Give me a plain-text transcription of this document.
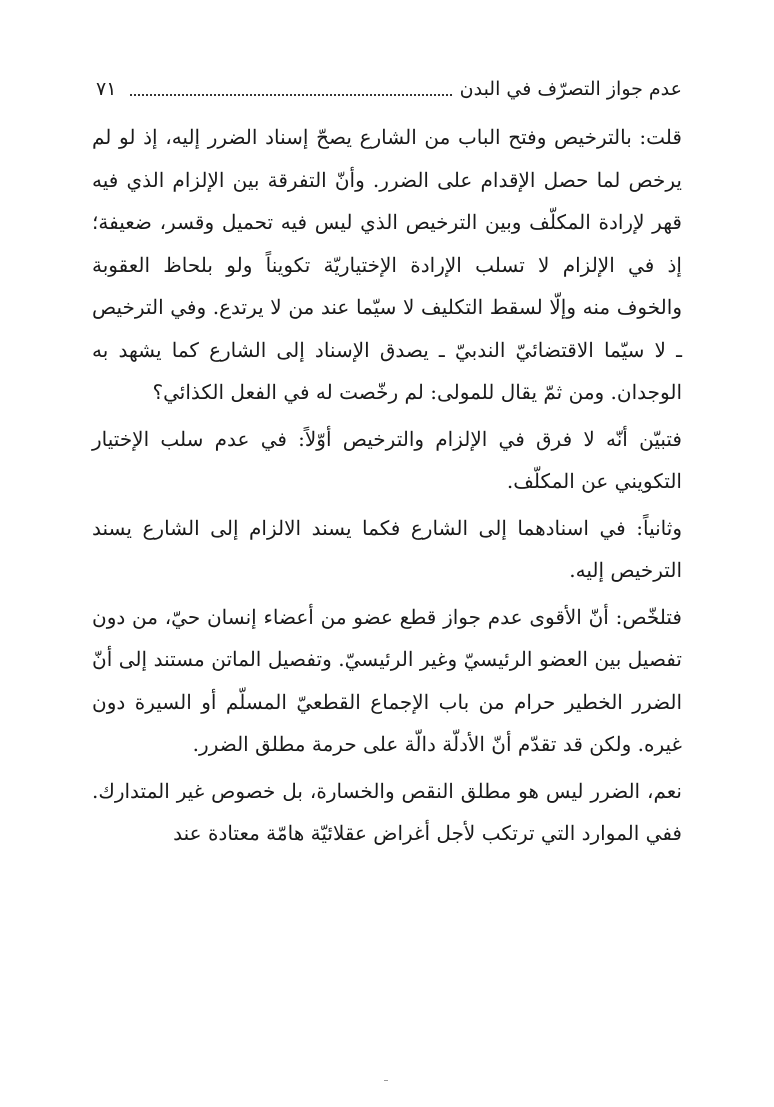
عدم جواز التصرّف في البدن
٧١

قلت: بالترخيص وفتح الباب من الشارع يصحّ إسناد الضرر إليه، إذ لو لم يرخص لما حصل الإقدام على الضرر. وأنّ التفرقة بين الإلزام الذي فيه قهر لإرادة المكلّف وبين الترخيص الذي ليس فيه تحميل وقسر، ضعيفة؛ إذ في الإلزام لا تسلب الإرادة الإختياريّة تكويناً ولو بلحاظ العقوبة والخوف منه وإلّا لسقط التكليف لا سيّما عند من لا يرتدع. وفي الترخيص ـ لا سيّما الاقتضائيّ الندبيّ ـ يصدق الإسناد إلى الشارع كما يشهد به الوجدان. ومن ثمّ يقال للمولى: لم رخّصت له في الفعل الكذائي؟

فتبيّن أنّه لا فرق في الإلزام والترخيص أوّلاً: في عدم سلب الإختيار التكويني عن المكلّف.

وثانياً: في اسنادهما إلى الشارع فكما يسند الالزام إلى الشارع يسند الترخيص إليه.

فتلخّص: أنّ الأقوى عدم جواز قطع عضو من أعضاء إنسان حيّ، من دون تفصيل بين العضو الرئيسيّ وغير الرئيسيّ. وتفصيل الماتن مستند إلى أنّ الضرر الخطير حرام من باب الإجماع القطعيّ المسلّم أو السيرة دون غيره. ولكن قد تقدّم أنّ الأدلّة دالّة على حرمة مطلق الضرر.

نعم، الضرر ليس هو مطلق النقص والخسارة، بل خصوص غير المتدارك. ففي الموارد التي ترتكب لأجل أغراض عقلائيّة هامّة معتادة عند
